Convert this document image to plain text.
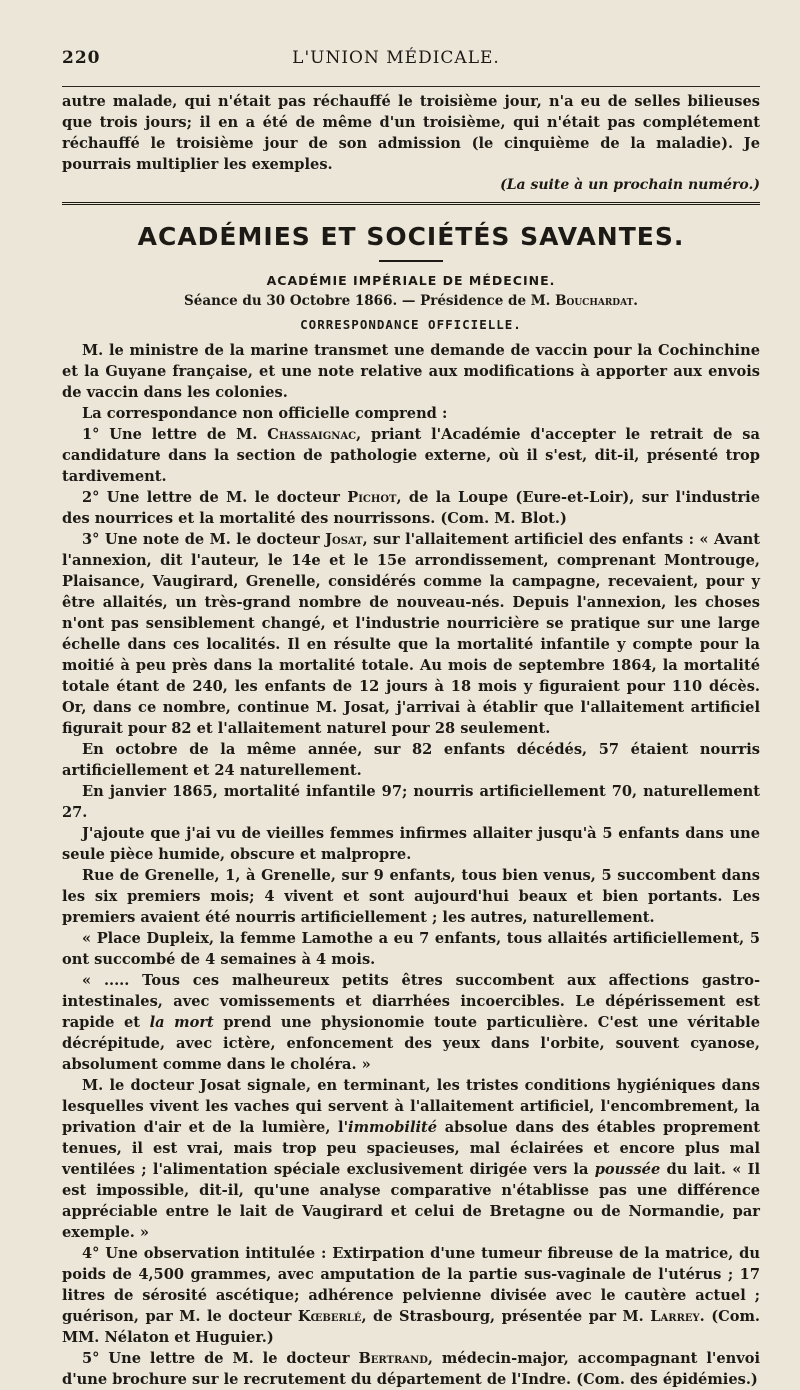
220	L'UNION MÉDICALE.

autre malade, qui n'était pas réchauffé le troisième jour, n'a eu de selles bilieuses que trois jours; il en a été de même d'un troisième, qui n'était pas complétement réchauffé le troisième jour de son admission (le cinquième de la maladie). Je pourrais multiplier les exemples.

(La suite à un prochain numéro.)

ACADÉMIES ET SOCIÉTÉS SAVANTES.
ACADÉMIE IMPÉRIALE DE MÉDECINE.
Séance du 30 Octobre 1866. — Présidence de M. Bouchardat.
CORRESPONDANCE OFFICIELLE.

M. le ministre de la marine transmet une demande de vaccin pour la Cochinchine et la Guyane française, et une note relative aux modifications à apporter aux envois de vaccin dans les colonies.

La correspondance non officielle comprend :

1° Une lettre de M. Chassaignac, priant l'Académie d'accepter le retrait de sa candidature dans la section de pathologie externe, où il s'est, dit-il, présenté trop tardivement.

2° Une lettre de M. le docteur Pichot, de la Loupe (Eure-et-Loir), sur l'industrie des nourrices et la mortalité des nourrissons. (Com. M. Blot.)

3° Une note de M. le docteur Josat, sur l'allaitement artificiel des enfants : « Avant l'annexion, dit l'auteur, le 14e et le 15e arrondissement, comprenant Montrouge, Plaisance, Vaugirard, Grenelle, considérés comme la campagne, recevaient, pour y être allaités, un très-grand nombre de nouveau-nés. Depuis l'annexion, les choses n'ont pas sensiblement changé, et l'industrie nourricière se pratique sur une large échelle dans ces localités. Il en résulte que la mortalité infantile y compte pour la moitié à peu près dans la mortalité totale. Au mois de septembre 1864, la mortalité totale étant de 240, les enfants de 12 jours à 18 mois y figuraient pour 110 décès. Or, dans ce nombre, continue M. Josat, j'arrivai à établir que l'allaitement artificiel figurait pour 82 et l'allaitement naturel pour 28 seulement.

En octobre de la même année, sur 82 enfants décédés, 57 étaient nourris artificiellement et 24 naturellement.

En janvier 1865, mortalité infantile 97; nourris artificiellement 70, naturellement 27.

J'ajoute que j'ai vu de vieilles femmes infirmes allaiter jusqu'à 5 enfants dans une seule pièce humide, obscure et malpropre.

Rue de Grenelle, 1, à Grenelle, sur 9 enfants, tous bien venus, 5 succombent dans les six premiers mois; 4 vivent et sont aujourd'hui beaux et bien portants. Les premiers avaient été nourris artificiellement ; les autres, naturellement.

« Place Dupleix, la femme Lamothe a eu 7 enfants, tous allaités artificiellement, 5 ont succombé de 4 semaines à 4 mois.

« ..... Tous ces malheureux petits êtres succombent aux affections gastro-intestinales, avec vomissements et diarrhées incoercibles. Le dépérissement est rapide et la mort prend une physionomie toute particulière. C'est une véritable décrépitude, avec ictère, enfoncement des yeux dans l'orbite, souvent cyanose, absolument comme dans le choléra. »

M. le docteur Josat signale, en terminant, les tristes conditions hygiéniques dans lesquelles vivent les vaches qui servent à l'allaitement artificiel, l'encombrement, la privation d'air et de la lumière, l'immobilité absolue dans des étables proprement tenues, il est vrai, mais trop peu spacieuses, mal éclairées et encore plus mal ventilées ; l'alimentation spéciale exclusivement dirigée vers la poussée du lait. « Il est impossible, dit-il, qu'une analyse comparative n'établisse pas une différence appréciable entre le lait de Vaugirard et celui de Bretagne ou de Normandie, par exemple. »

4° Une observation intitulée : Extirpation d'une tumeur fibreuse de la matrice, du poids de 4,500 grammes, avec amputation de la partie sus-vaginale de l'utérus ; 17 litres de sérosité ascétique; adhérence pelvienne divisée avec le cautère actuel ; guérison, par M. le docteur Kœberlé, de Strasbourg, présentée par M. Larrey. (Com. MM. Nélaton et Huguier.)

5° Une lettre de M. le docteur Bertrand, médecin-major, accompagnant l'envoi d'une brochure sur le recrutement du département de l'Indre. (Com. des épidémies.)
